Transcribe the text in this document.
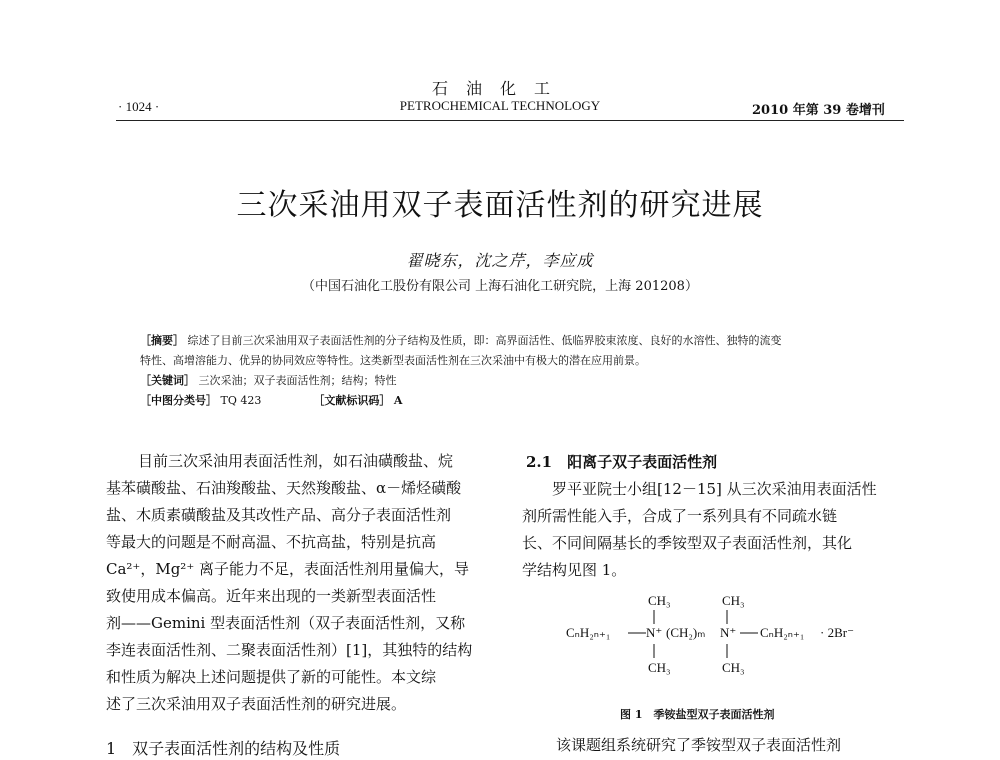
石油化工
PETROCHEMICAL TECHNOLOGY
· 1024 ·	2010 年第 39 卷增刊
三次采油用双子表面活性剂的研究进展
翟晓东，沈之芹，李应成
（中国石油化工股份有限公司 上海石油化工研究院，上海 201208）
［摘要］ 综述了目前三次采油用双子表面活性剂的分子结构及性质，即：高界面活性、低临界胶束浓度、良好的水溶性、独特的流变
特性、高增溶能力、优异的协同效应等特性。这类新型表面活性剂在三次采油中有极大的潜在应用前景。
［关键词］ 三次采油；双子表面活性剂；结构；特性
［中图分类号］ TQ 423	［文献标识码］ A
目前三次采油用表面活性剂，如石油磺酸盐、烷
基苯磺酸盐、石油羧酸盐、天然羧酸盐、α－烯烃磺酸
盐、木质素磺酸盐及其改性产品、高分子表面活性剂
等最大的问题是不耐高温、不抗高盐，特别是抗高
Ca²⁺，Mg²⁺ 离子能力不足，表面活性剂用量偏大，导
致使用成本偏高。近年来出现的一类新型表面活性
剂——Gemini 型表面活性剂（双子表面活性剂，又称
李连表面活性剂、二聚表面活性剂）[1]，其独特的结构
和性质为解决上述问题提供了新的可能性。本文综
述了三次采油用双子表面活性剂的研究进展。
1　双子表面活性剂的结构及性质
2.1　阳离子双子表面活性剂
　　罗平亚院士小组[12－15] 从三次采油用表面活性
剂所需性能入手，合成了一系列具有不同疏水链
长、不同间隔基长的季铵型双子表面活性剂，其化
学结构见图 1。
CH₃	CH₃
CₙH₂ₙ₊₁	N⁺ (CH₂)ₘ N⁺ CₙH₂ₙ₊₁ · 2Br⁻
CH₃	CH₃
图 1　季铵盐型双子表面活性剂
该课题组系统研究了季铵型双子表面活性剂
